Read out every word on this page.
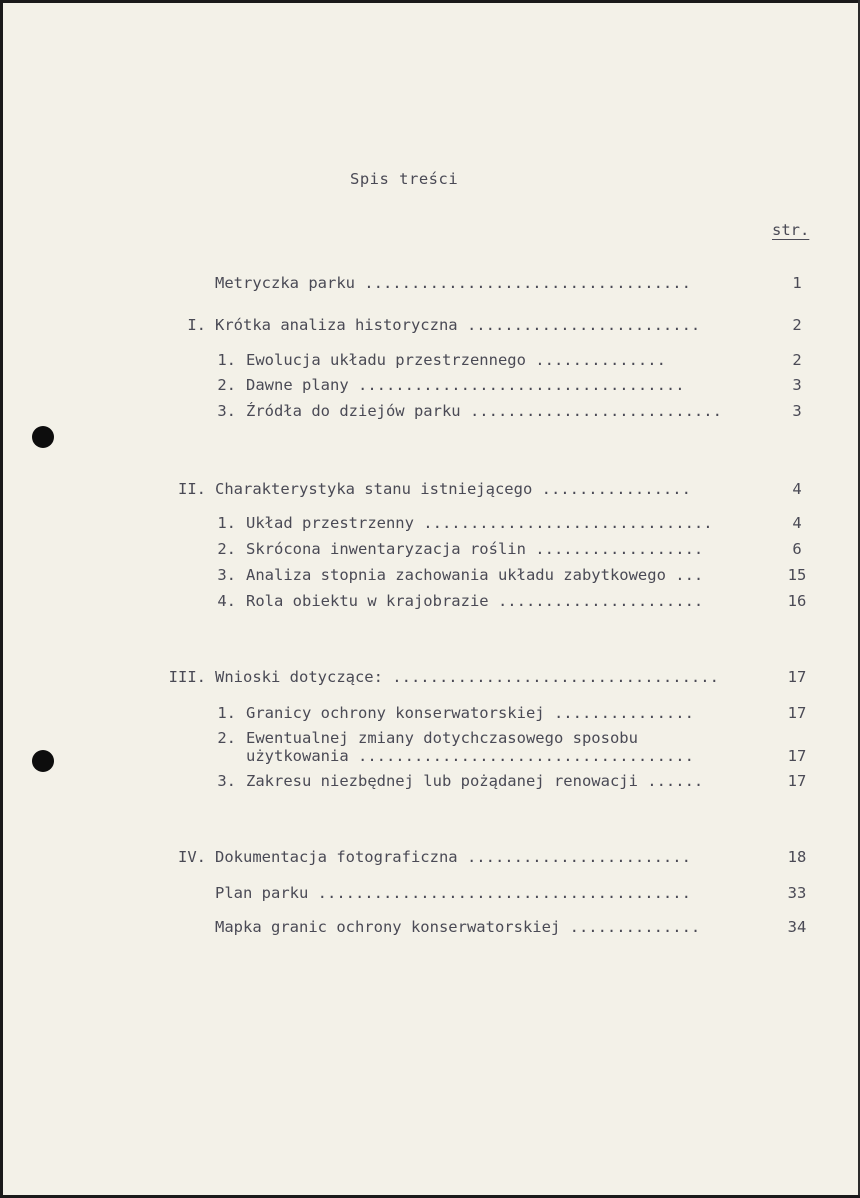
Spis treści
str.
Metryczka parku ...................................	1
I. Krótka analiza historyczna .........................	2
1. Ewolucja układu przestrzennego ..............	2
2. Dawne plany ...................................	3
3. Źródła do dziejów parku ...........................	3
II. Charakterystyka stanu istniejącego ................	4
1. Układ przestrzenny ...............................	4
2. Skrócona inwentaryzacja roślin ..................	6
3. Analiza stopnia zachowania układu zabytkowego ...	15
4. Rola obiektu w krajobrazie ......................	16
III. Wnioski dotyczące: ...................................	17
1. Granicy ochrony konserwatorskiej ...............	17
2. Ewentualnej zmiany dotychczasowego sposobu
użytkowania ....................................	17
3. Zakresu niezbędnej lub pożądanej renowacji ......	17
IV. Dokumentacja fotograficzna ........................	18
Plan parku ........................................	33
Mapka granic ochrony konserwatorskiej ..............	34
